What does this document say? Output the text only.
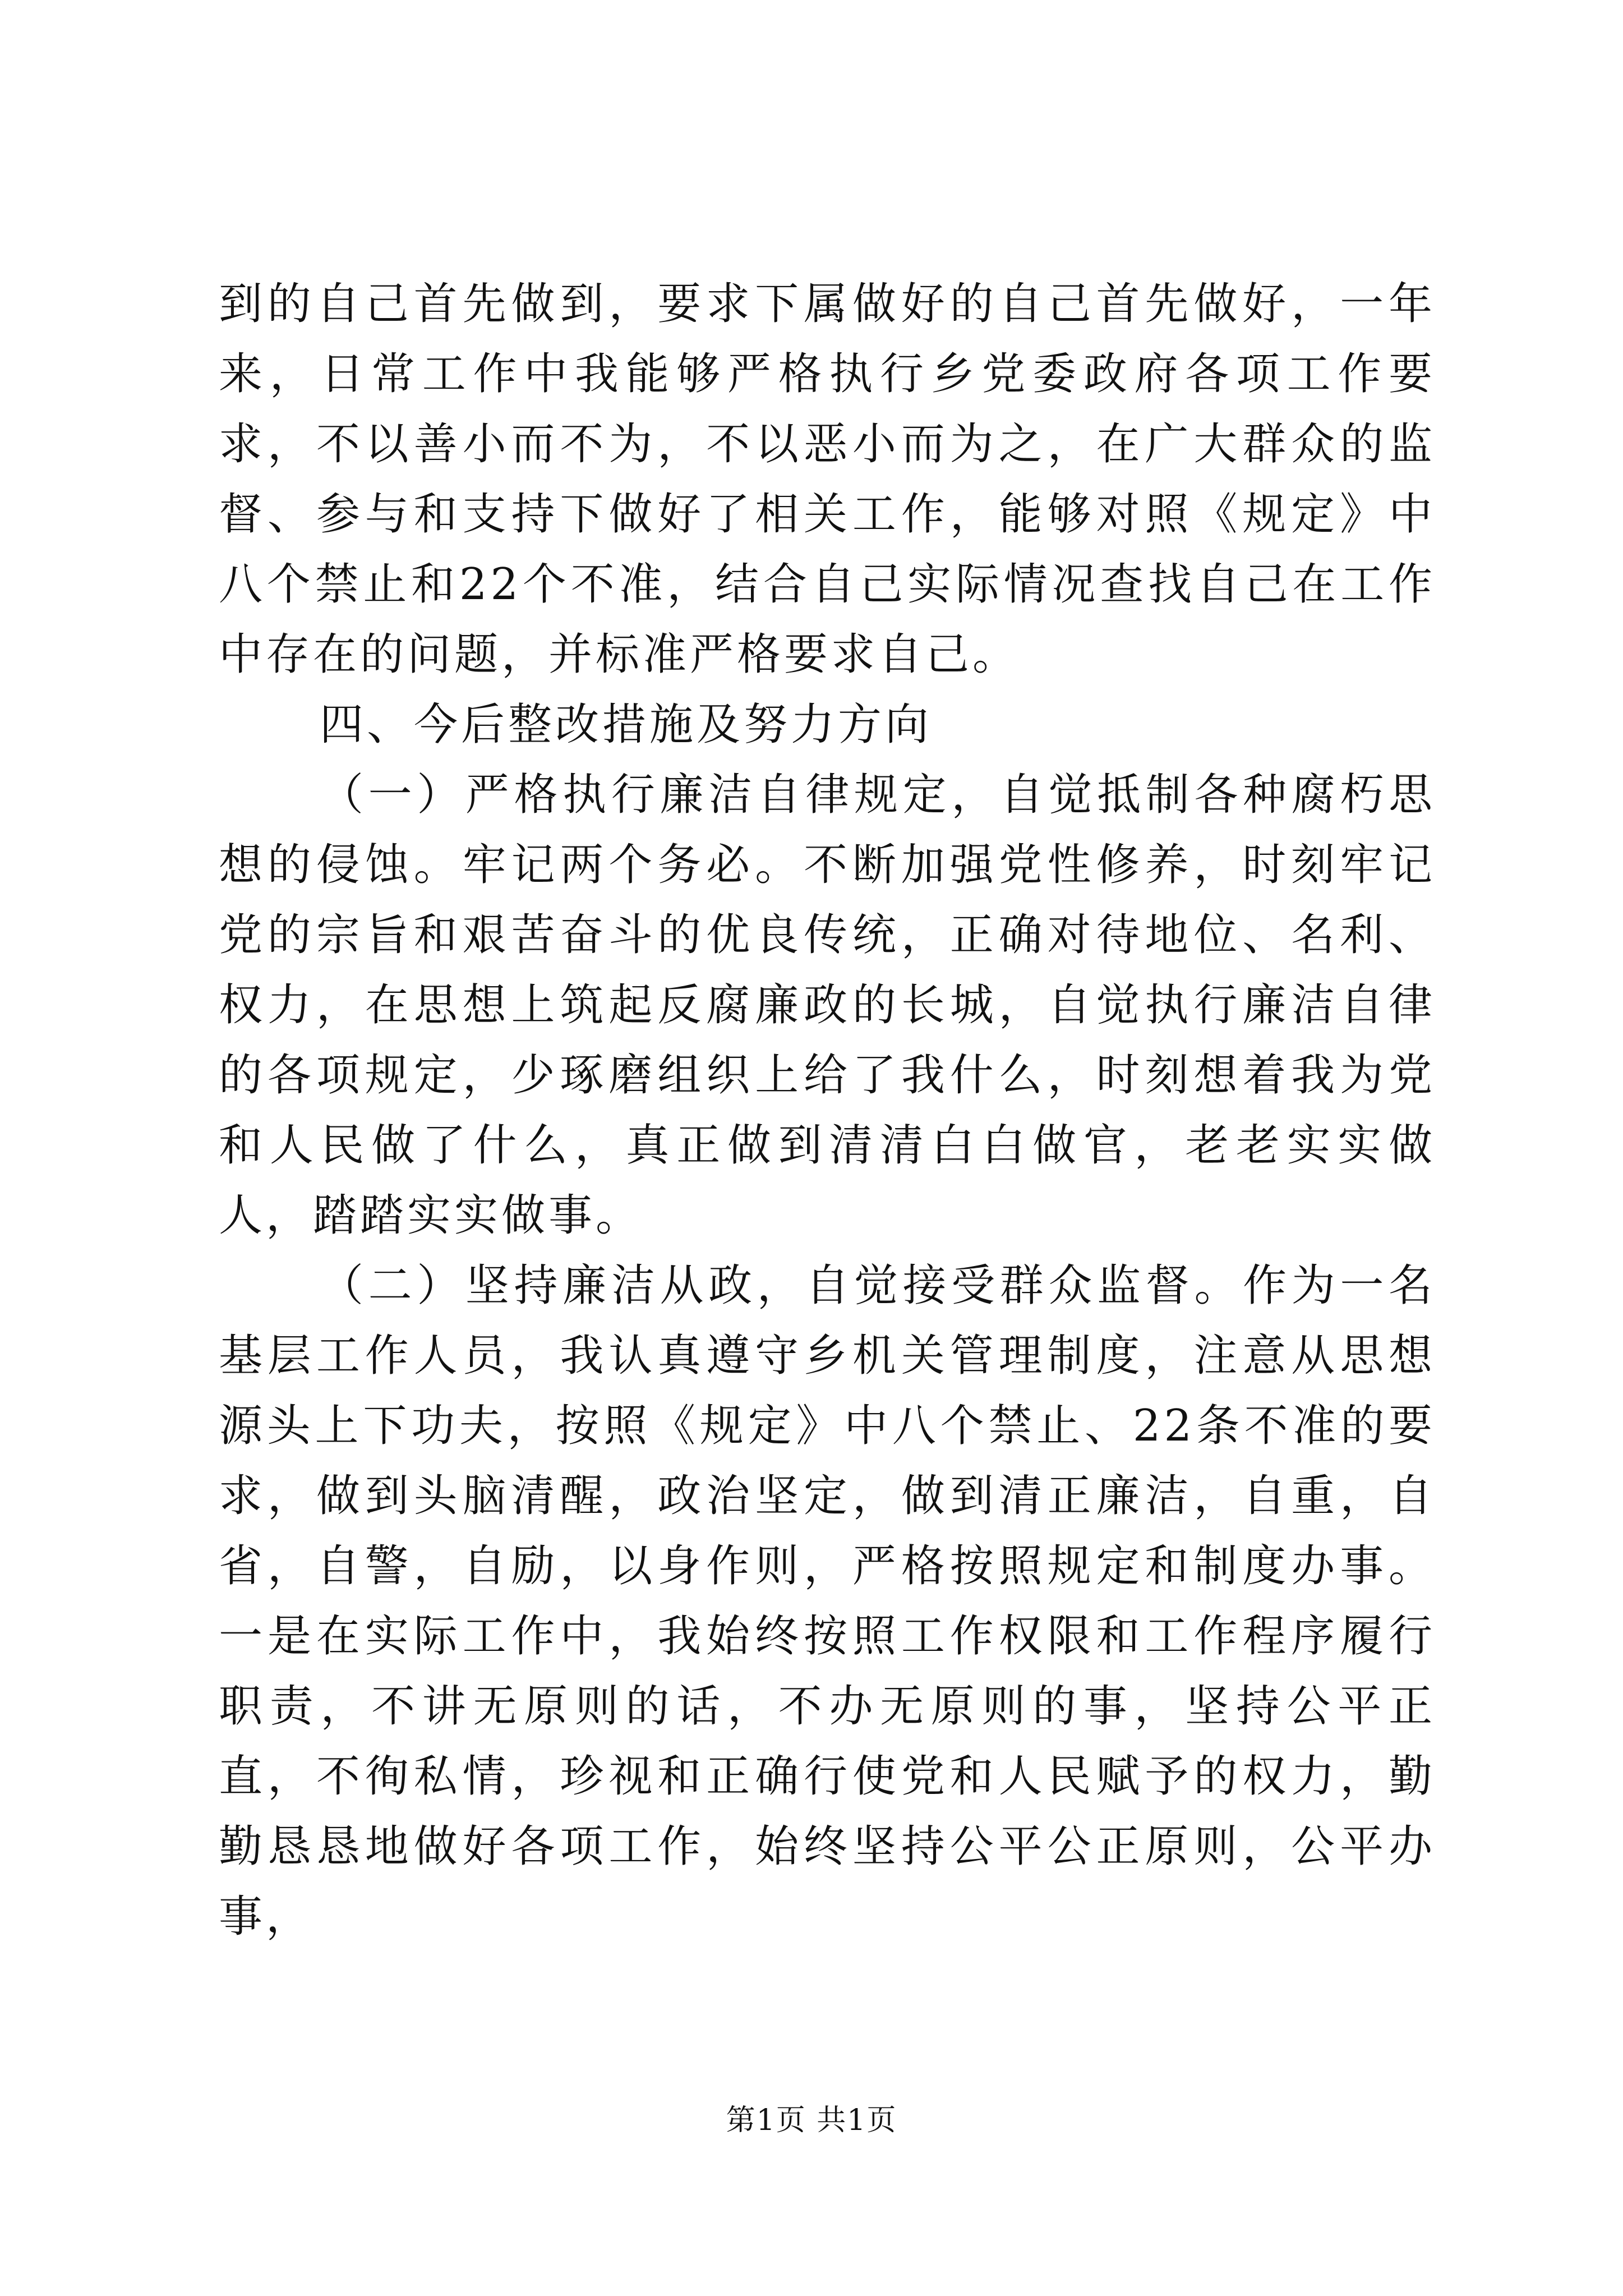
到的自己首先做到，要求下属做好的自己首先做好，一年来，日常工作中我能够严格执行乡党委政府各项工作要求，不以善小而不为，不以恶小而为之，在广大群众的监督、参与和支持下做好了相关工作，能够对照《规定》中八个禁止和22个不准，结合自己实际情况查找自己在工作中存在的问题，并标准严格要求自己。

四、今后整改措施及努力方向

（一）严格执行廉洁自律规定，自觉抵制各种腐朽思想的侵蚀。牢记两个务必。不断加强党性修养，时刻牢记党的宗旨和艰苦奋斗的优良传统，正确对待地位、名利、权力，在思想上筑起反腐廉政的长城，自觉执行廉洁自律的各项规定，少琢磨组织上给了我什么，时刻想着我为党和人民做了什么，真正做到清清白白做官，老老实实做人，踏踏实实做事。

（二）坚持廉洁从政，自觉接受群众监督。作为一名基层工作人员，我认真遵守乡机关管理制度，注意从思想源头上下功夫，按照《规定》中八个禁止、22条不准的要求，做到头脑清醒，政治坚定，做到清正廉洁，自重，自省，自警，自励，以身作则，严格按照规定和制度办事。一是在实际工作中，我始终按照工作权限和工作程序履行职责，不讲无原则的话，不办无原则的事，坚持公平正直，不徇私情，珍视和正确行使党和人民赋予的权力，勤勤恳恳地做好各项工作，始终坚持公平公正原则，公平办事，

第1页 共1页
